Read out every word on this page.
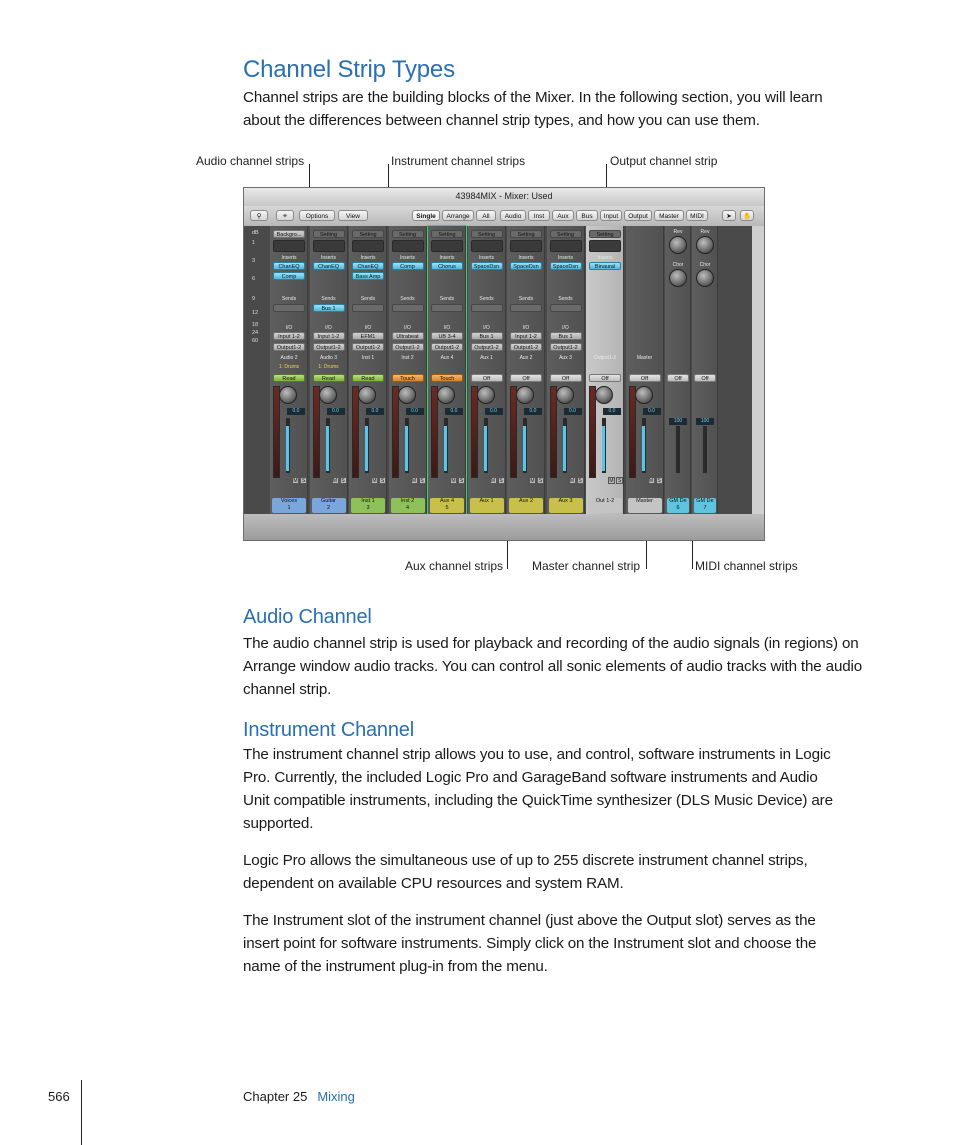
Channel Strip Types

Channel strips are the building blocks of the Mixer. In the following section, you will learn about the differences between channel strip types, and how you can use them.

Audio channel strips	Instrument channel strips	Output channel strip
Aux channel strips Master channel strip	MIDI channel strips
43984MIX - Mixer: Used
⚲	⚭	Options	View	Single	Arrange	All	Audio	Inst	Aux	Bus	Input	Output	Master	MIDI	➤	✋
dB
1
3
6
9
12
18
24
60
Backgro...
Inserts
ChanEQ
Comp
Sends
I/O
Input 1-2
Output1-2
Audio 2
1: Drums
Read
0.0
M S
Voices
1
Setting
Inserts
ChanEQ
Sends
Bus 1
I/O
Input 1-2
Output1-2
Audio 3
1: Drums
Read
0.0
M S
Guitar
2
Setting
Inserts
ChanEQ
Bass Amp
Sends
I/O
EFM1
Output1-2
Inst 1
Read
0.0
M S
Inst 1
3
Setting
Inserts
Comp
Sends
I/O
Ultrabeat
Output1-2
Inst 2
Touch
0.0
M S
Inst 2
4
Setting
Inserts
Chorus
Sends
I/O
UB 3-4
Output1-2
Aux 4
Touch
0.0
M S
Aux 4
5
Setting
Inserts
SpaceDsn
Sends
I/O
Bus 1
Output1-2
Aux 1
Off
0.0
M S
Aux 1
Setting
Inserts
SpaceDsn
Sends
I/O
Input 1-2
Output1-2
Aux 2
Off
0.0
M S
Aux 2
Setting
Inserts
SpaceDsn
Sends
I/O
Bus 1
Output1-2
Aux 3
Off
0.0
M S
Aux 3
Setting
Inserts
Binaural
Output1-2
Off
0.0
M S
Out 1-2
Master
Off
0.0
M S
Master
Rev
Chor
Off
100
GM De
6
Rev
Chor
Off
100
GM De
7
Audio Channel

The audio channel strip is used for playback and recording of the audio signals (in regions) on Arrange window audio tracks. You can control all sonic elements of audio tracks with the audio channel strip.

Instrument Channel

The instrument channel strip allows you to use, and control, software instruments in Logic Pro. Currently, the included Logic Pro and GarageBand software instruments and Audio Unit compatible instruments, including the QuickTime synthesizer (DLS Music Device) are supported.

Logic Pro allows the simultaneous use of up to 255 discrete instrument channel strips, dependent on available CPU resources and system RAM.

The Instrument slot of the instrument channel (just above the Output slot) serves as the insert point for software instruments. Simply click on the Instrument slot and choose the name of the instrument plug-in from the menu.

566	Chapter 25 Mixing
